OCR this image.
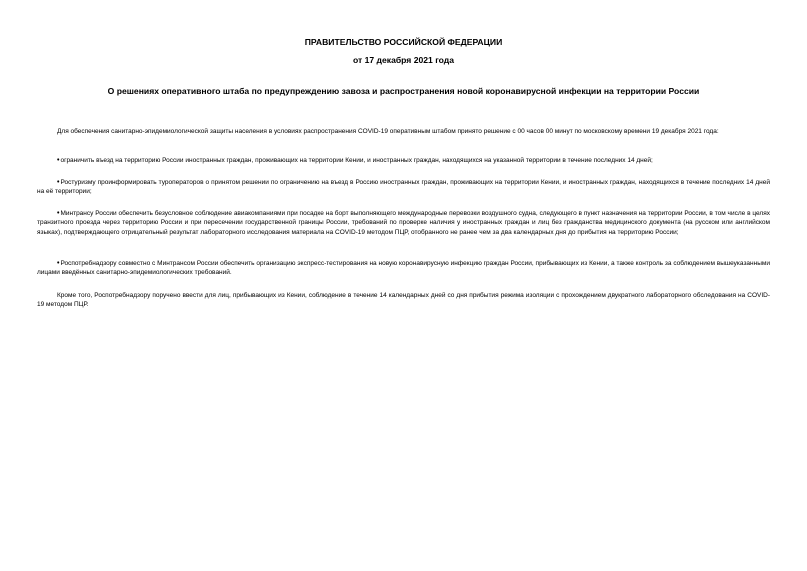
ПРАВИТЕЛЬСТВО РОССИЙСКОЙ ФЕДЕРАЦИИ
от 17 декабря 2021 года
О решениях оперативного штаба по предупреждению завоза и распространения новой коронавирусной инфекции на территории России
Для обеспечения санитарно-эпидемиологической защиты населения в условиях распространения COVID-19 оперативным штабом принято решение с 00 часов 00 минут по московскому времени 19 декабря 2021 года:
•ограничить въезд на территорию России иностранных граждан, проживающих на территории Кении, и иностранных граждан, находящихся на указанной территории в течение последних 14 дней;
•Ростуризму проинформировать туроператоров о принятом решении по ограничению на въезд в Россию иностранных граждан, проживающих на территории Кении, и иностранных граждан, находящихся в течение последних 14 дней на её территории;
•Минтрансу России обеспечить безусловное соблюдение авиакомпаниями при посадке на борт выполняющего международные перевозки воздушного судна, следующего в пункт назначения на территории России, в том числе в целях транзитного проезда через территорию России и при пересечении государственной границы России, требований по проверке наличия у иностранных граждан и лиц без гражданства медицинского документа (на русском или английском языках), подтверждающего отрицательный результат лабораторного исследования материала на COVID-19 методом ПЦР, отобранного не ранее чем за два календарных дня до прибытия на территорию России;
•Роспотребнадзору совместно с Минтрансом России обеспечить организацию экспресс-тестирования на новую коронавирусную инфекцию граждан России, прибывающих из Кении, а также контроль за соблюдением вышеуказанными лицами введённых санитарно-эпидемиологических требований.
Кроме того, Роспотребнадзору поручено ввести для лиц, прибывающих из Кении, соблюдение в течение 14 календарных дней со дня прибытия режима изоляции с прохождением двукратного лабораторного обследования на COVID-19 методом ПЦР.
